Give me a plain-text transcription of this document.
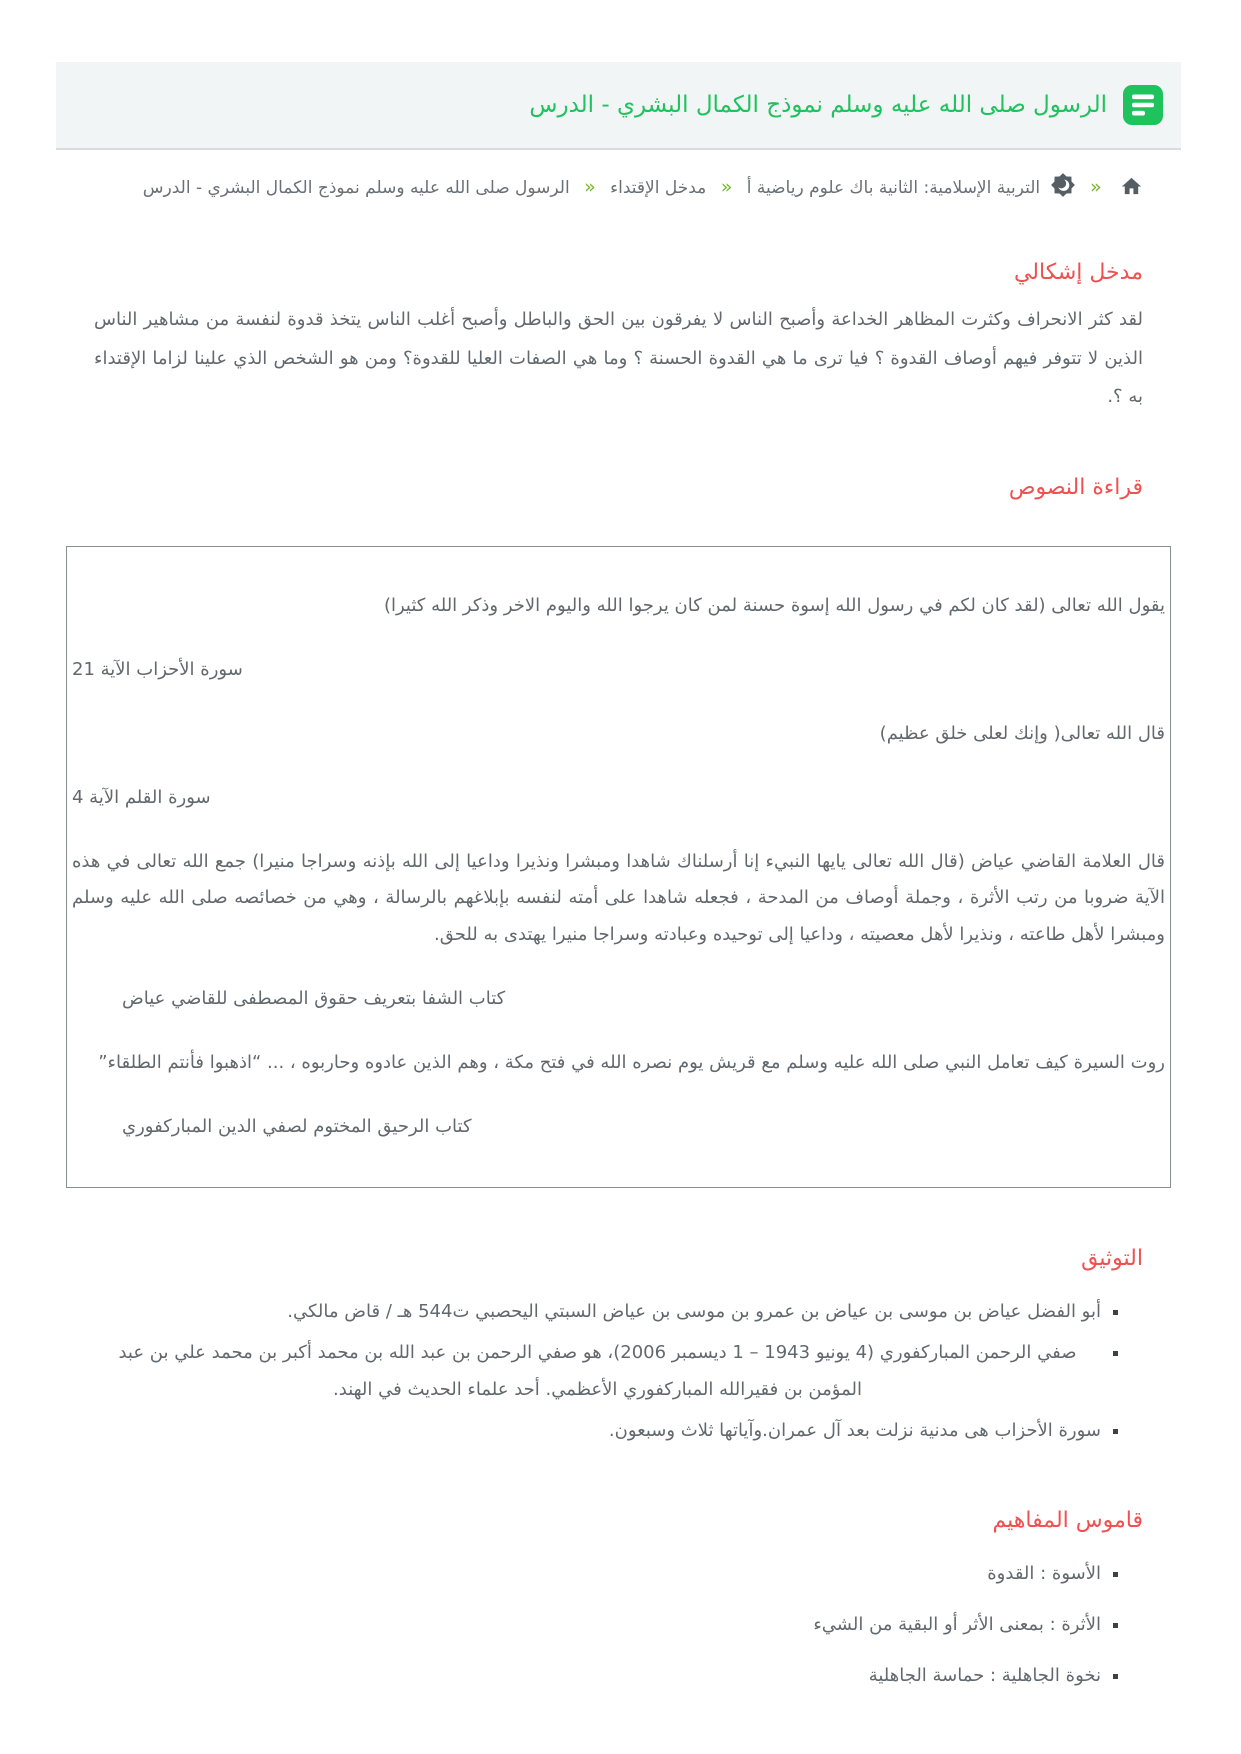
الرسول صلى الله عليه وسلم نموذج الكمال البشري - الدرس
«  التربية الإسلامية: الثانية باك علوم رياضية أ « مدخل الإقتداء « الرسول صلى الله عليه وسلم نموذج الكمال البشري - الدرس
مدخل إشكالي

لقد كثر الانحراف وكثرت المظاهر الخداعة وأصبح الناس لا يفرقون بين الحق والباطل وأصبح أغلب الناس يتخذ قدوة لنفسة من مشاهير الناس الذين لا تتوفر فيهم أوصاف القدوة ؟ فيا ترى ما هي القدوة الحسنة ؟ وما هي الصفات العليا للقدوة؟ ومن هو الشخص الذي علينا لزاما الإقتداء به ؟.

قراءة النصوص

يقول الله تعالى (لقد كان لكم في رسول الله إسوة حسنة لمن كان يرجوا الله واليوم الاخر وذكر الله كثيرا)

سورة الأحزاب الآية 21

قال الله تعالى( وإنك لعلى خلق عظيم)

سورة القلم الآية 4

قال العلامة القاضي عياض (قال الله تعالى يايها النبيء إنا أرسلناك شاهدا ومبشرا ونذيرا وداعيا إلى الله بإذنه وسراجا منيرا) جمع الله تعالى في هذه الآية ضروبا من رتب الأثرة ، وجملة أوصاف من المدحة ، فجعله شاهدا على أمته لنفسه بإبلاغهم بالرسالة ، وهي من خصائصه صلى الله عليه وسلم ومبشرا لأهل طاعته ، ونذيرا لأهل معصيته ، وداعيا إلى توحيده وعبادته وسراجا منيرا يهتدى به للحق.

كتاب الشفا بتعريف حقوق المصطفى للقاضي عياض

روت السيرة كيف تعامل النبي صلى الله عليه وسلم مع قريش يوم نصره الله في فتح مكة ، وهم الذين عادوه وحاربوه ، ... “اذهبوا فأنتم الطلقاء”

كتاب الرحيق المختوم لصفي الدين المباركفوري

التوثيق
▪ أبو الفضل عياض بن موسى بن عياض بن عمرو بن موسى بن عياض السبتي اليحصبي ت544 هـ / قاض مالكي.
▪ صفي الرحمن المباركفوري (4 يونيو 1943 – 1 ديسمبر 2006)، هو صفي الرحمن بن عبد الله بن محمد أكبر بن محمد علي بن عبد المؤمن بن فقيرالله المباركفوري الأعظمي. أحد علماء الحديث في الهند.
▪ سورة الأحزاب هى مدنية نزلت بعد آل عمران.وآياتها ثلاث وسبعون.
قاموس المفاهيم
▪ الأسوة : القدوة
▪ الأثرة : بمعنى الأثر أو البقية من الشيء
▪ نخوة الجاهلية : حماسة الجاهلية
